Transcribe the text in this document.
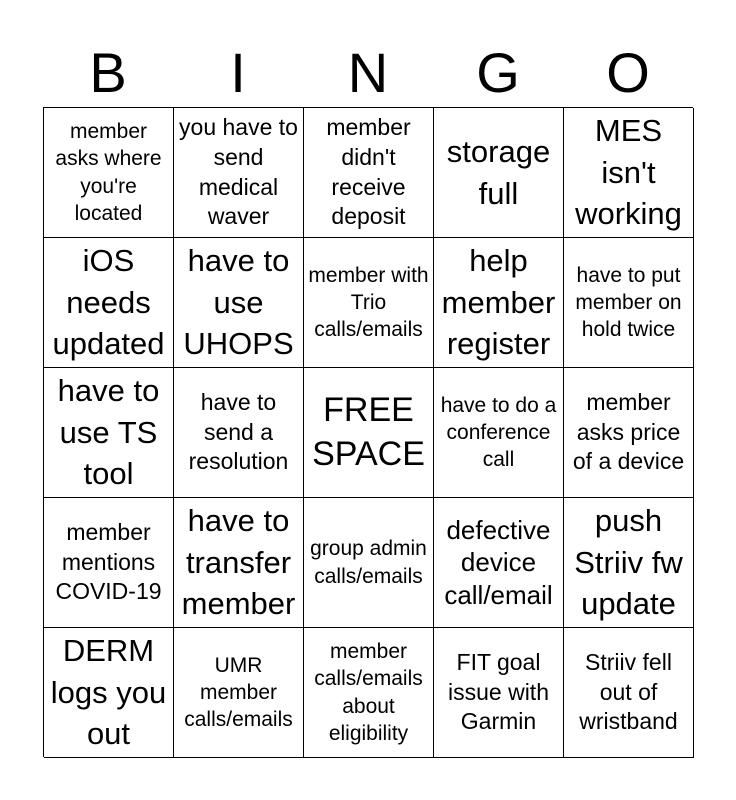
B	I	N	G	O
member asks where you're located
you have to send medical waver
member didn't receive deposit
storage full
MES isn't working
iOS needs updated
have to use UHOPS
member with Trio calls/emails
help member register
have to put member on hold twice
have to use TS tool
have to send a resolution
FREE SPACE
have to do a conference call
member asks price of a device
member mentions COVID-19
have to transfer member
group admin calls/emails
defective device call/email
push Striiv fw update
DERM logs you out
UMR member calls/emails
member calls/emails about eligibility
FIT goal issue with Garmin
Striiv fell out of wristband
